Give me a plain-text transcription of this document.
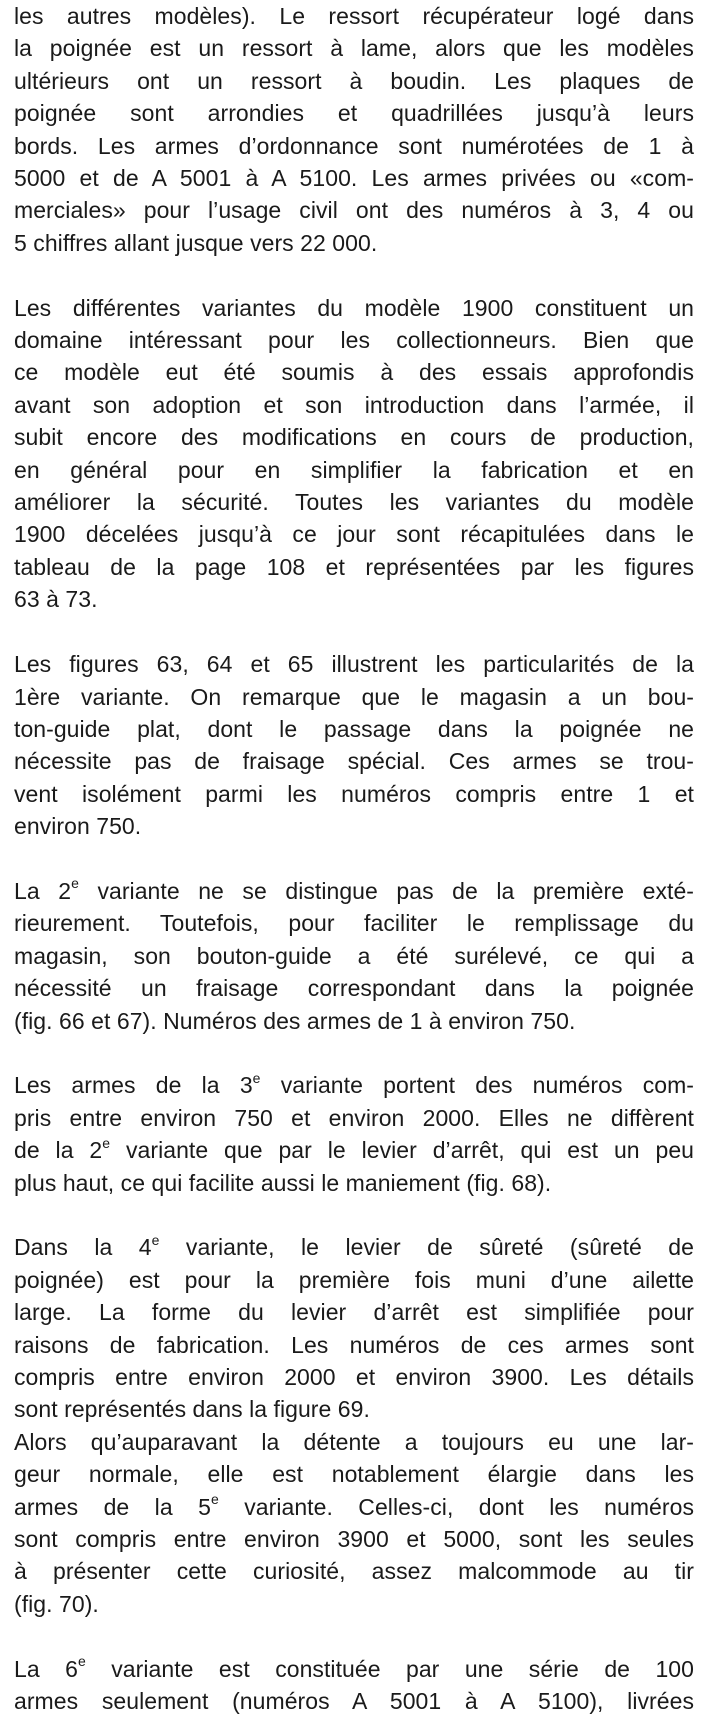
les autres modèles). Le ressort récupérateur logé dans
la poignée est un ressort à lame, alors que les modèles
ultérieurs ont un ressort à boudin. Les plaques de
poignée sont arrondies et quadrillées jusqu’à leurs
bords. Les armes d’ordonnance sont numérotées de 1 à
5000 et de A 5001 à A 5100. Les armes privées ou «com-
merciales» pour l’usage civil ont des numéros à 3, 4 ou
5 chiffres allant jusque vers 22 000.
Les différentes variantes du modèle 1900 constituent un
domaine intéressant pour les collectionneurs. Bien que
ce modèle eut été soumis à des essais approfondis
avant son adoption et son introduction dans l’armée, il
subit encore des modifications en cours de production,
en général pour en simplifier la fabrication et en
améliorer la sécurité. Toutes les variantes du modèle
1900 décelées jusqu’à ce jour sont récapitulées dans le
tableau de la page 108 et représentées par les figures
63 à 73.
Les figures 63, 64 et 65 illustrent les particularités de la
1ère variante. On remarque que le magasin a un bou-
ton-guide plat, dont le passage dans la poignée ne
nécessite pas de fraisage spécial. Ces armes se trou-
vent isolément parmi les numéros compris entre 1 et
environ 750.
La 2e variante ne se distingue pas de la première exté-
rieurement. Toutefois, pour faciliter le remplissage du
magasin, son bouton-guide a été surélevé, ce qui a
nécessité un fraisage correspondant dans la poignée
(fig. 66 et 67). Numéros des armes de 1 à environ 750.
Les armes de la 3e variante portent des numéros com-
pris entre environ 750 et environ 2000. Elles ne diffèrent
de la 2e variante que par le levier d’arrêt, qui est un peu
plus haut, ce qui facilite aussi le maniement (fig. 68).
Dans la 4e variante, le levier de sûreté (sûreté de
poignée) est pour la première fois muni d’une ailette
large. La forme du levier d’arrêt est simplifiée pour
raisons de fabrication. Les numéros de ces armes sont
compris entre environ 2000 et environ 3900. Les détails
sont représentés dans la figure 69.
Alors qu’auparavant la détente a toujours eu une lar-
geur normale, elle est notablement élargie dans les
armes de la 5e variante. Celles-ci, dont les numéros
sont compris entre environ 3900 et 5000, sont les seules
à présenter cette curiosité, assez malcommode au tir
(fig. 70).
La 6e variante est constituée par une série de 100
armes seulement (numéros A 5001 à A 5100), livrées
